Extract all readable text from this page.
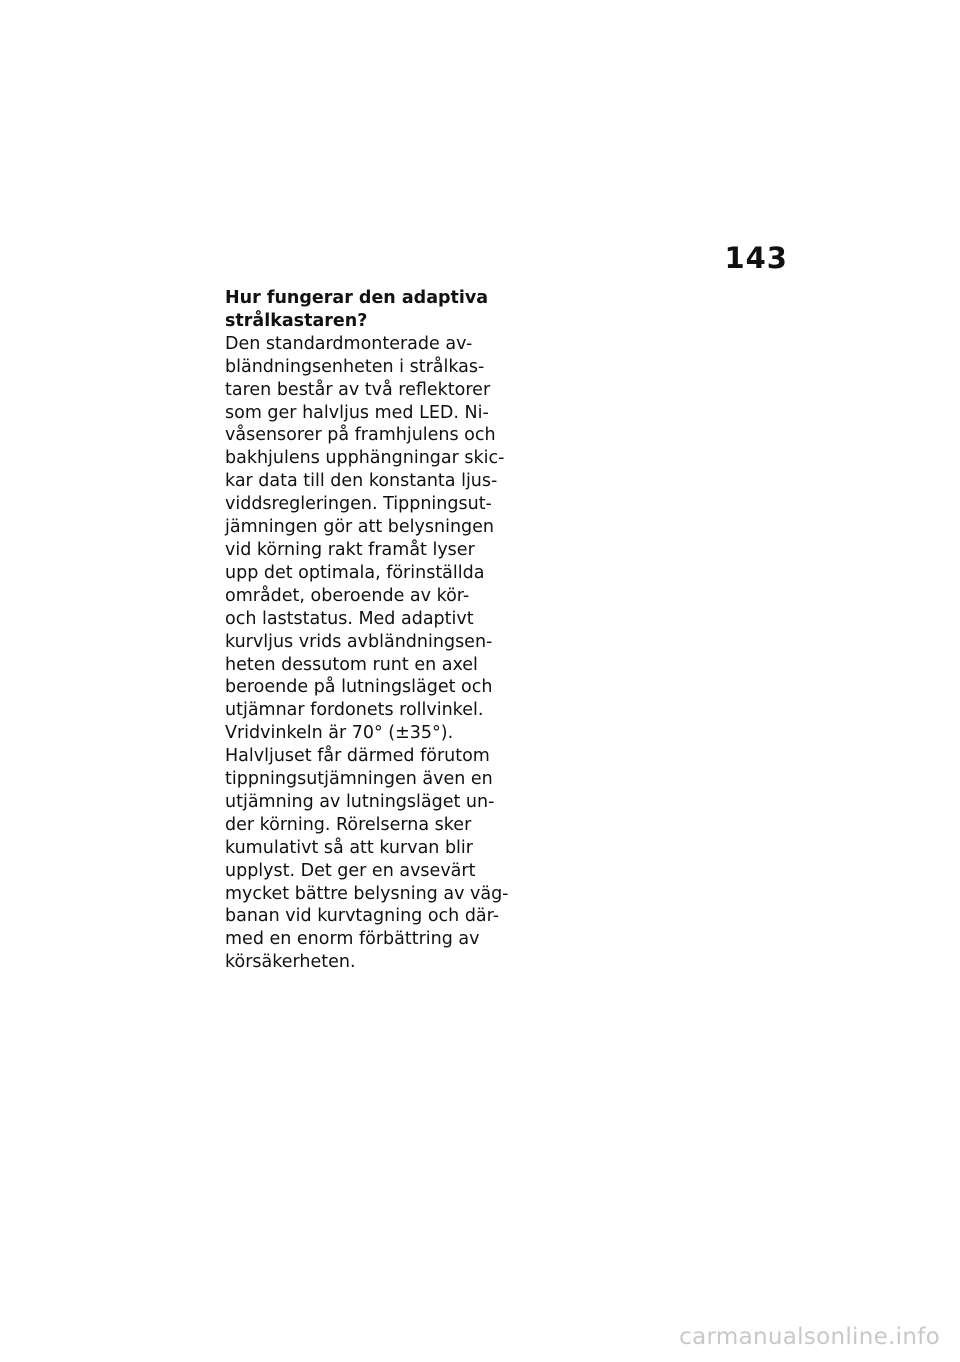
143
Hur fungerar den adaptiva
strålkastaren?

Den standardmonterade av-
bländningsenheten i strålkas-
taren består av två reflektorer
som ger halvljus med LED. Ni-
våsensorer på framhjulens och
bakhjulens upphängningar skic-
kar data till den konstanta ljus-
viddsregleringen. Tippningsut-
jämningen gör att belysningen
vid körning rakt framåt lyser
upp det optimala, förinställda
området, oberoende av kör-
och laststatus. Med adaptivt
kurvljus vrids avbländningsen-
heten dessutom runt en axel
beroende på lutningsläget och
utjämnar fordonets rollvinkel.
Vridvinkeln är 70° (±35°).
Halvljuset får därmed förutom
tippningsutjämningen även en
utjämning av lutningsläget un-
der körning. Rörelserna sker
kumulativt så att kurvan blir
upplyst. Det ger en avsevärt
mycket bättre belysning av väg-
banan vid kurvtagning och där-
med en enorm förbättring av
körsäkerheten.

carmanualsonline.info
